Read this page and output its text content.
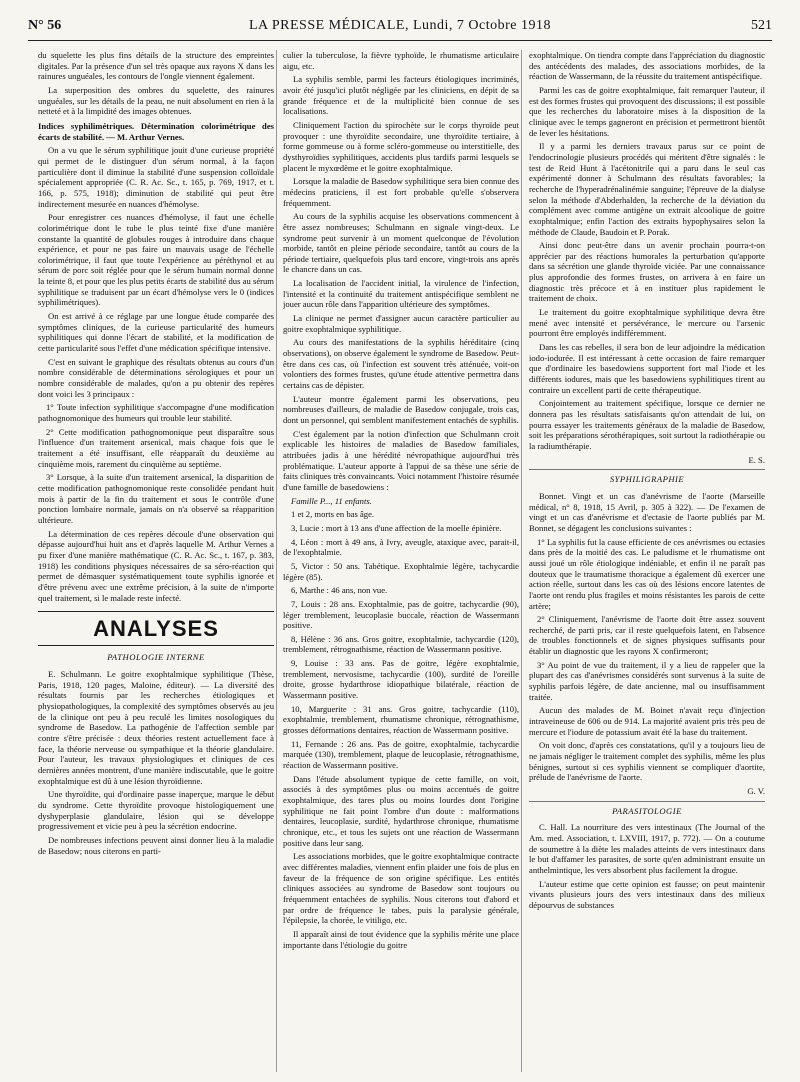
N° 56	LA PRESSE MÉDICALE, Lundi, 7 Octobre 1918	521

du squelette les plus fins détails de la structure des empreintes digitales. Par la présence d'un sel très opaque aux rayons X dans les rainures unguéales, les contours de l'ongle viennent également.

La superposition des ombres du squelette, des rainures unguéales, sur les détails de la peau, ne nuit absolument en rien à la netteté et à la limpidité des images obtenues.

Indices syphilimétriques. Détermination colorimétrique des écarts de stabilité. — M. Arthur Vernes.

On a vu que le sérum syphilitique jouit d'une curieuse propriété qui permet de le distinguer d'un sérum normal, à la façon particulière dont il diminue la stabilité d'une suspension colloïdale spécialement appropriée (C. R. Ac. Sc., t. 165, p. 769, 1917, et t. 166, p. 575, 1918); diminution de stabilité qui peut être indirectement mesurée en nuances d'hémolyse.

Pour enregistrer ces nuances d'hémolyse, il faut une échelle colorimétrique dont le tube le plus teinté fixe d'une manière constante la quantité de globules rouges à introduire dans chaque expérience, et pour ne pas faire un mauvais usage de l'échelle colorimétrique, il faut que toute l'expérience au péréthynol et au sérum de porc soit réglée pour que le sérum humain normal donne la teinte 8, et pour que les plus petits écarts de stabilité dus au sérum syphilitique se traduisent par un écart d'hémolyse vers le 0 (indices syphilimétriques).

On est arrivé à ce réglage par une longue étude comparée des symptômes cliniques, de la curieuse particularité des humeurs syphilitiques qui donne l'écart de stabilité, et la modification de cette particularité sous l'effet d'une médication spécifique intensive.

C'est en suivant le graphique des résultats obtenus au cours d'un nombre considérable de déterminations sérologiques et pour un nombre considérable de malades, qu'on a pu obtenir des repères dont voici les 3 principaux :

1° Toute infection syphilitique s'accompagne d'une modification pathognomonique des humeurs qui trouble leur stabilité.

2° Cette modification pathognomonique peut disparaître sous l'influence d'un traitement arsenical, mais chaque fois que le traitement a été insuffisant, elle réapparaît du deuxième au cinquième mois, rarement du cinquième au septième.

3° Lorsque, à la suite d'un traitement arsenical, la disparition de cette modification pathognomonique reste consolidée pendant huit mois à partir de la fin du traitement et sous le contrôle d'une ponction lombaire normale, jamais on n'a observé sa réapparition ultérieure.

La détermination de ces repères découle d'une observation qui dépasse aujourd'hui huit ans et d'après laquelle M. Arthur Vernes a pu fixer d'une manière mathématique (C. R. Ac. Sc., t. 167, p. 383, 1918) les conditions physiques nécessaires de sa séro-réaction qui permet de démasquer systématiquement toute syphilis ignorée et d'être prévenu avec une extrême précision, à la suite de n'importe quel traitement, si le malade reste infecté.

ANALYSES
PATHOLOGIE INTERNE

E. Schulmann. Le goitre exophtalmique syphilitique (Thèse, Paris, 1918, 120 pages, Maloine, éditeur). — La diversité des résultats fournis par les recherches étiologiques et physiopathologiques, la complexité des symptômes observés au jeu de la clinique ont peu à peu reculé les limites nosologiques du syndrome de Basedow. La pathogénie de l'affection semble par contre s'être précisée : deux théories restent actuellement face à face, la théorie nerveuse ou sympathique et la théorie glandulaire. Pour l'auteur, les travaux physiologiques et cliniques de ces dernières années montrent, d'une manière indiscutable, que le goitre exophtalmique est dû à une lésion thyroïdienne.

Une thyroïdite, qui d'ordinaire passe inaperçue, marque le début du syndrome. Cette thyroïdite provoque histologiquement une dyshyperplasie glandulaire, lésion qui se développe progressivement et vicie peu à peu la sécrétion endocrine.

De nombreuses infections peuvent ainsi donner lieu à la maladie de Basedow; nous citerons en parti-

culier la tuberculose, la fièvre typhoïde, le rhumatisme articulaire aigu, etc.

La syphilis semble, parmi les facteurs étiologiques incriminés, avoir été jusqu'ici plutôt négligée par les cliniciens, en dépit de sa grande fréquence et de la multiplicité bien connue de ses localisations.

Cliniquement l'action du spirochète sur le corps thyroïde peut provoquer : une thyroïdite secondaire, une thyroïdite tertiaire, à forme gommeuse ou à forme scléro-gommeuse ou interstitielle, des dysthyroïdies syphilitiques, accidents plus tardifs parmi lesquels se placent le myxœdème et le goitre exophtalmique.

Lorsque la maladie de Basedow syphilitique sera bien connue des médecins praticiens, il est fort probable qu'elle s'observera fréquemment.

Au cours de la syphilis acquise les observations commencent à être assez nombreuses; Schulmann en signale vingt-deux. Le syndrome peut survenir à un moment quelconque de l'évolution morbide, tantôt en pleine période secondaire, tantôt au cours de la période tertiaire, quelquefois plus tard encore, vingt-trois ans après le chancre dans un cas.

La localisation de l'accident initial, la virulence de l'infection, l'intensité et la continuité du traitement antispécifique semblent ne jouer aucun rôle dans l'apparition ultérieure des symptômes.

La clinique ne permet d'assigner aucun caractère particulier au goitre exophtalmique syphilitique.

Au cours des manifestations de la syphilis héréditaire (cinq observations), on observe également le syndrome de Basedow. Peut-être dans ces cas, où l'infection est souvent très atténuée, voit-on volontiers des formes frustes, qu'une étude attentive permettra dans certains cas de dépister.

L'auteur montre également parmi les observations, peu nombreuses d'ailleurs, de maladie de Basedow conjugale, trois cas, dont un personnel, qui semblent manifestement entachés de syphilis.

C'est également par la notion d'infection que Schulmann croit explicable les histoires de maladies de Basedow familiales, attribuées jadis à une hérédité névropathique aujourd'hui très problématique. L'auteur apporte à l'appui de sa thèse une série de faits cliniques très convaincants. Voici notamment l'histoire résumée d'une famille de basedowiens :

Famille P..., 11 enfants.

1 et 2, morts en bas âge.

3, Lucie : mort à 13 ans d'une affection de la moelle épinière.

4, Léon : mort à 49 ans, à Ivry, aveugle, ataxique avec, parait-il, de l'exophtalmie.

5, Victor : 50 ans. Tabétique. Exophtalmie légère, tachycardie légère (85).

6, Marthe : 46 ans, non vue.

7, Louis : 28 ans. Exophtalmie, pas de goitre, tachycardie (90), léger tremblement, leucoplasie buccale, réaction de Wassermann positive.

8, Hélène : 36 ans. Gros goitre, exophtalmie, tachycardie (120), tremblement, rétrognathisme, réaction de Wassermann positive.

9, Louise : 33 ans. Pas de goitre, légère exophtalmie, tremblement, nervosisme, tachycardie (100), surdité de l'oreille droite, grosse hydarthrose idiopathique bilatérale, réaction de Wassermann positive.

10, Marguerite : 31 ans. Gros goitre, tachycardie (110), exophtalmie, tremblement, rhumatisme chronique, rétrognathisme, grosses déformations dentaires, réaction de Wassermann positive.

11, Fernande : 26 ans. Pas de goitre, exophtalmie, tachycardie marquée (130), tremblement, plaque de leucoplasie, rétrognathisme, réaction de Wassermann positive.

Dans l'étude absolument typique de cette famille, on voit, associés à des symptômes plus ou moins accentués de goitre exophtalmique, des tares plus ou moins lourdes dont l'origine syphilitique ne fait point l'ombre d'un doute : malformations dentaires, leucoplasie, surdité, hydarthrose chronique, rhumatisme chronique, etc., et tous les sujets ont une réaction de Wassermann positive dans leur sang.

Les associations morbides, que le goitre exophtalmique contracte avec différentes maladies, viennent enfin plaider une fois de plus en faveur de la fréquence de son origine spécifique. Les entités cliniques associées au syndrome de Basedow sont toujours ou fréquemment entachées de syphilis. Nous citerons tout d'abord et par ordre de fréquence le tabes, puis la paralysie générale, l'épilepsie, la chorée, le vitiligo, etc.

Il apparaît ainsi de tout évidence que la syphilis mérite une place importante dans l'étiologie du goitre

exophtalmique. On tiendra compte dans l'appréciation du diagnostic des antécédents des malades, des associations morbides, de la réaction de Wassermann, de la réussite du traitement antispécifique.

Parmi les cas de goitre exophtalmique, fait remarquer l'auteur, il est des formes frustes qui provoquent des discussions; il est possible que les recherches du laboratoire mises à la disposition de la clinique avec le temps gagneront en précision et permettront bientôt de lever les hésitations.

Il y a parmi les derniers travaux parus sur ce point de l'endocrinologie plusieurs procédés qui méritent d'être signalés : le test de Reid Hunt à l'acétonitrile qui a paru dans le seul cas expérimenté donner à Schulmann des résultats favorables; la recherche de l'hyperadrénalinémie sanguine; l'épreuve de la dialyse selon la méthode d'Abderhalden, la recherche de la déviation du complément avec comme antigène un extrait alcoolique de goitre exophtalmique; enfin l'action des extraits hypophysaires selon la méthode de Claude, Baudoin et P. Porak.

Ainsi donc peut-être dans un avenir prochain pourra-t-on apprécier par des réactions humorales la perturbation qu'apporte dans sa sécrétion une glande thyroïde viciée. Par une connaissance plus approfondie des formes frustes, on arrivera à en faire un diagnostic très précoce et à en instituer plus rapidement le traitement de choix.

Le traitement du goitre exophtalmique syphilitique devra être mené avec intensité et persévérance, le mercure ou l'arsenic pourront être employés indifféremment.

Dans les cas rebelles, il sera bon de leur adjoindre la médication iodo-iodurée. Il est intéressant à cette occasion de faire remarquer que d'ordinaire les basedowiens supportent fort mal l'iode et les différents iodures, mais que les basedowiens syphilitiques tirent au contraire un excellent parti de cette thérapeutique.

Conjointement au traitement spécifique, lorsque ce dernier ne donnera pas les résultats satisfaisants qu'on attendait de lui, on pourra essayer les traitements généraux de la maladie de Basedow, soit les préparations sérothérapiques, soit surtout la radiothérapie ou la radiumthérapie.

E. S.

SYPHILIGRAPHIE

Bonnet. Vingt et un cas d'anévrisme de l'aorte (Marseille médical, n° 8, 1918, 15 Avril, p. 305 à 322). — De l'examen de vingt et un cas d'anévrisme et d'ectasie de l'aorte publiés par M. Bonnet, se dégagent les conclusions suivantes :

1° La syphilis fut la cause efficiente de ces anévrismes ou ectasies dans près de la moitié des cas. Le paludisme et le rhumatisme ont aussi joué un rôle étiologique indéniable, et enfin il ne paraît pas douteux que le traumatisme thoracique a également dû exercer une action réelle, surtout dans les cas où des lésions encore latentes de l'aorte ont rendu plus fragiles et moins résistantes les parois de cette artère;

2° Cliniquement, l'anévrisme de l'aorte doit être assez souvent recherché, de parti pris, car il reste quelquefois latent, en l'absence de troubles fonctionnels et de signes physiques suffisants pour établir un diagnostic que les rayons X confirmeront;

3° Au point de vue du traitement, il y a lieu de rappeler que la plupart des cas d'anévrismes considérés sont survenus à la suite de syphilis parfois légère, de date ancienne, mal ou insuffisamment traitée.

Aucun des malades de M. Boinet n'avait reçu d'injection intraveineuse de 606 ou de 914. La majorité avaient pris très peu de mercure et l'iodure de potassium avait été la base du traitement.

On voit donc, d'après ces constatations, qu'il y a toujours lieu de ne jamais négliger le traitement complet des syphilis, même les plus bénignes, surtout si ces syphilis viennent se compliquer d'aortite, prélude de l'anévrisme de l'aorte.

G. V.

PARASITOLOGIE

C. Hall. La nourriture des vers intestinaux (The Journal of the Am. med. Association, t. LXVIII, 1917, p. 772). — On a coutume de soumettre à la diète les malades atteints de vers intestinaux dans le but d'affamer les parasites, de sorte qu'en administrant ensuite un anthelmintique, les vers absorbent plus facilement la drogue.

L'auteur estime que cette opinion est fausse; on peut maintenir vivants plusieurs jours des vers intestinaux dans des milieux dépourvus de substances
